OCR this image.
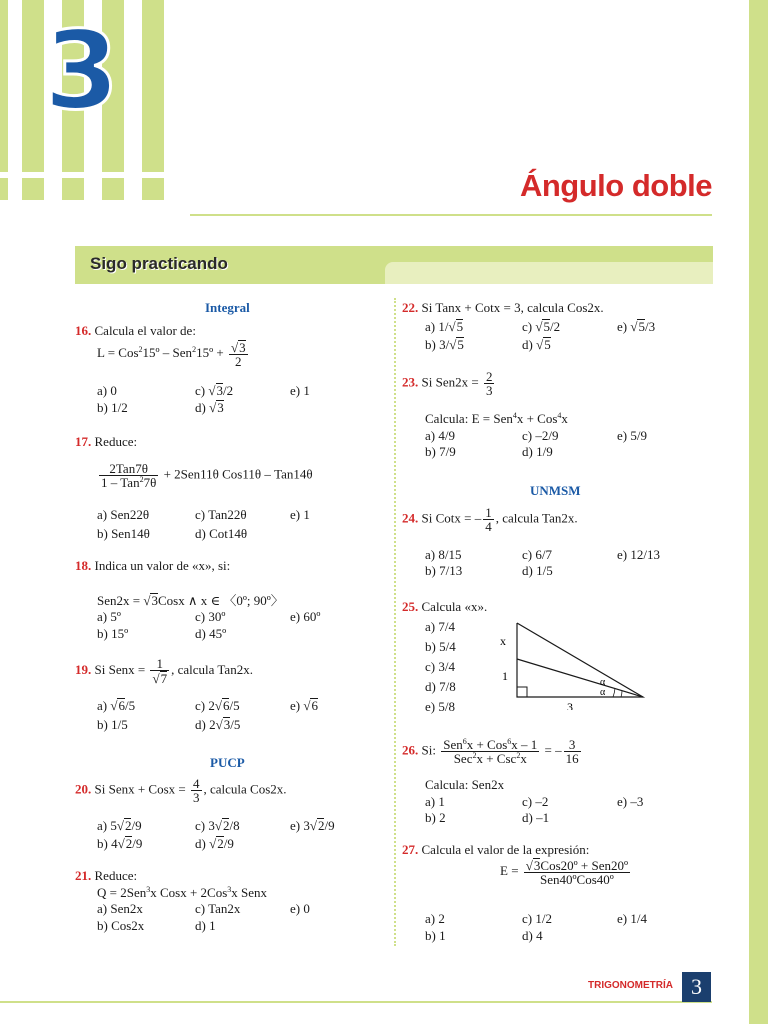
3
Ángulo doble
Sigo practicando
Integral
16. Calcula el valor de:
L = Cos$^2$15º – Sen$^2$15º + $\frac{√3}{2}$
a) 0
b) 1/2
c) √3/2
d) √3
e) 1
17. Reduce:
$\frac{\text{2Tan7θ}}{1 - Tan^27\theta} + 2Sen11\theta$ Cos11θ – Tan14θ
a) Sen22θ
b) Sen14θ
c) Tan22θ
d) Cot14θ
e) 1
18. Indica un valor de «x», si:
Sen2x = √3Cosx ∧ x ∈ 〈0º; 90º〉
a) 5º
b) 15º
c) 30º
d) 45º
e) 60º
19. Si Senx = $\frac{1}{√7}$ , calcula Tan2x.
a) √6/5
b) 1/5
c) 2√6/5
d) 2√3/5
e) √6
PUCP
20. Si Senx + Cosx = $\frac{4}{3}$ , calcula Cos2x.
a) 5√2/9
b) 4√2/9
c) 3√2/8
d) √2/9
e) 3√2/9
21. Reduce:
Q = 2Sen$^3$x Cosx + 2Cos$^3$x Senx
a) Sen2x
b) Cos2x
c) Tan2x
d) 1
e) 0
22. Si Tanx + Cotx = 3, calcula Cos2x.
a) 1/√5
b) 3/√5
c) √5/2
d) √5
e) √5/3
23. Si $Sen2x = \frac{2}{3}$
Calcula: E = Sen$^4$x + Cos$^4$x
a) 4/9
b) 7/9
c) –2/9
d) 1/9
e) 5/9
UNMSM
24. Si Cotx = – $\frac{1}{4}$ , calcula Tan2x.
a) 8/15
b) 7/13
c) 6/7
d) 1/5
e) 12/13
25. Calcula «x».
a) 7/4
b) 5/4
c) 3/4
d) 7/8
e) 5/8
x
1
3
α
α
26. Si: $\frac{Sen^6x + Cos^6x - 1}{Sec^2x + Csc^2x}$ = – $\frac{3}{16}$
Calcula: Sen2x
a) 1
b) 2
c) –2
d) –1
e) –3
27. Calcula el valor de la expresión:
$E = \frac{\text{√3Cos20º + Sen20º}}{\text{Sen40ºCos40º}}$
a) 2
b) 1
c) 1/2
d) 4
e) 1/4
TRIGONOMETRÍA 3
